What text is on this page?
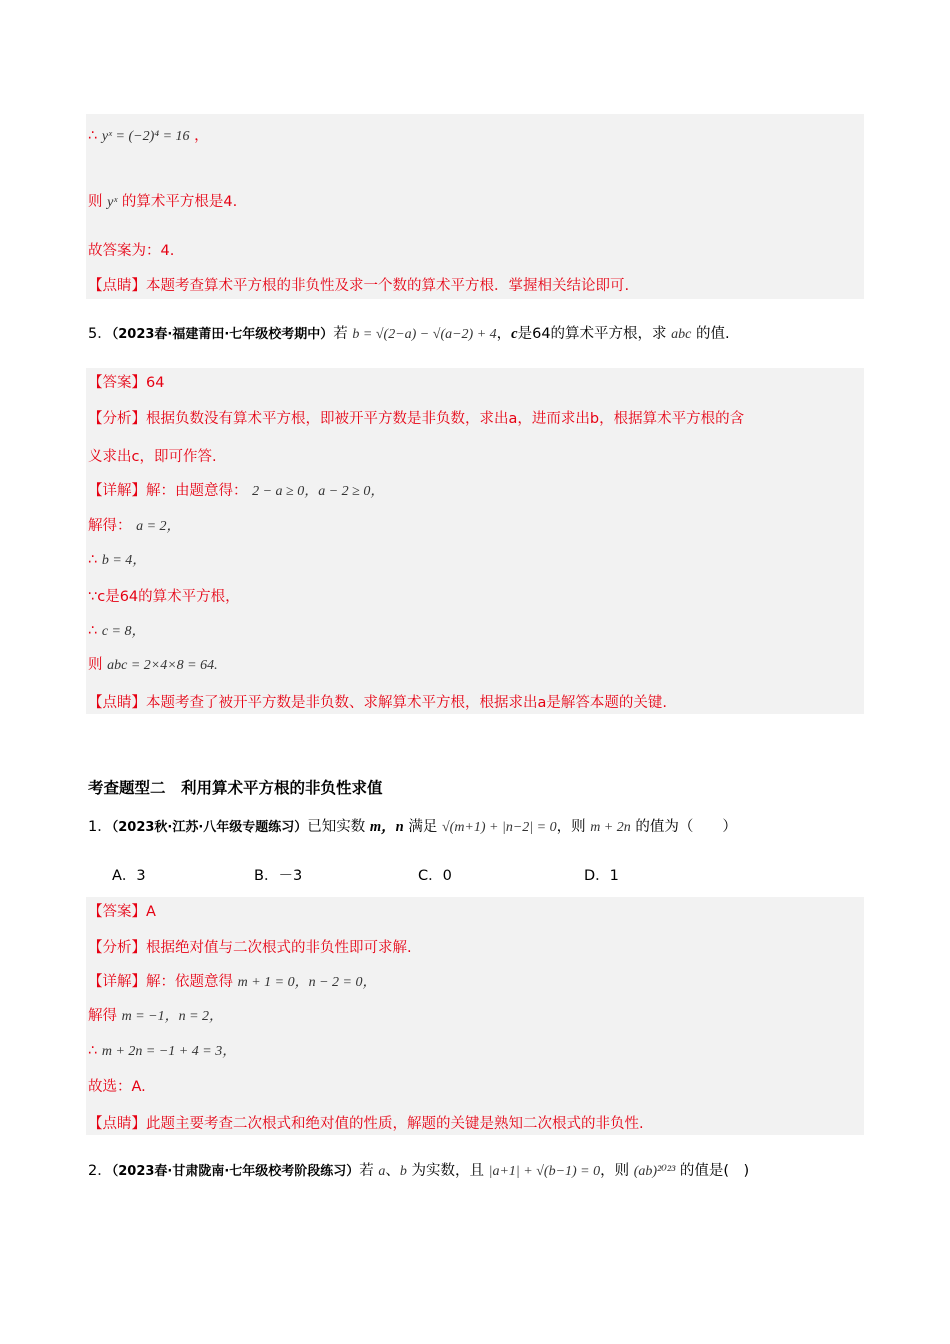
∴ yˣ = (−2)⁴ = 16 ，
则 yˣ 的算术平方根是4.
故答案为：4.
【点睛】本题考查算术平方根的非负性及求一个数的算术平方根．掌握相关结论即可.
5．（2023春·福建莆田·七年级校考期中）若 b = √(2−a) − √(a−2) + 4，c是64的算术平方根，求 abc 的值.
【答案】64
【分析】根据负数没有算术平方根，即被开平方数是非负数，求出a，进而求出b，根据算术平方根的含
义求出c，即可作答.
【详解】解：由题意得： 2 − a ≥ 0，a − 2 ≥ 0，
解得： a = 2，
∴ b = 4，
∵c是64的算术平方根，
∴ c = 8，
则 abc = 2×4×8 = 64.
【点睛】本题考查了被开平方数是非负数、求解算术平方根，根据求出a是解答本题的关键.
考查题型二　利用算术平方根的非负性求值
1．（2023秋·江苏·八年级专题练习）已知实数 m，n 满足 √(m+1) + |n−2| = 0，则 m + 2n 的值为（　　）
A．3	B．－3	C．0	D．1
【答案】A
【分析】根据绝对值与二次根式的非负性即可求解.
【详解】解：依题意得 m + 1 = 0，n − 2 = 0，
解得 m = −1，n = 2，
∴ m + 2n = −1 + 4 = 3，
故选：A.
【点睛】此题主要考查二次根式和绝对值的性质，解题的关键是熟知二次根式的非负性.
2．（2023春·甘肃陇南·七年级校考阶段练习）若 a、b 为实数，且 |a+1| + √(b−1) = 0，则 (ab)²⁰²³ 的值是(　)
